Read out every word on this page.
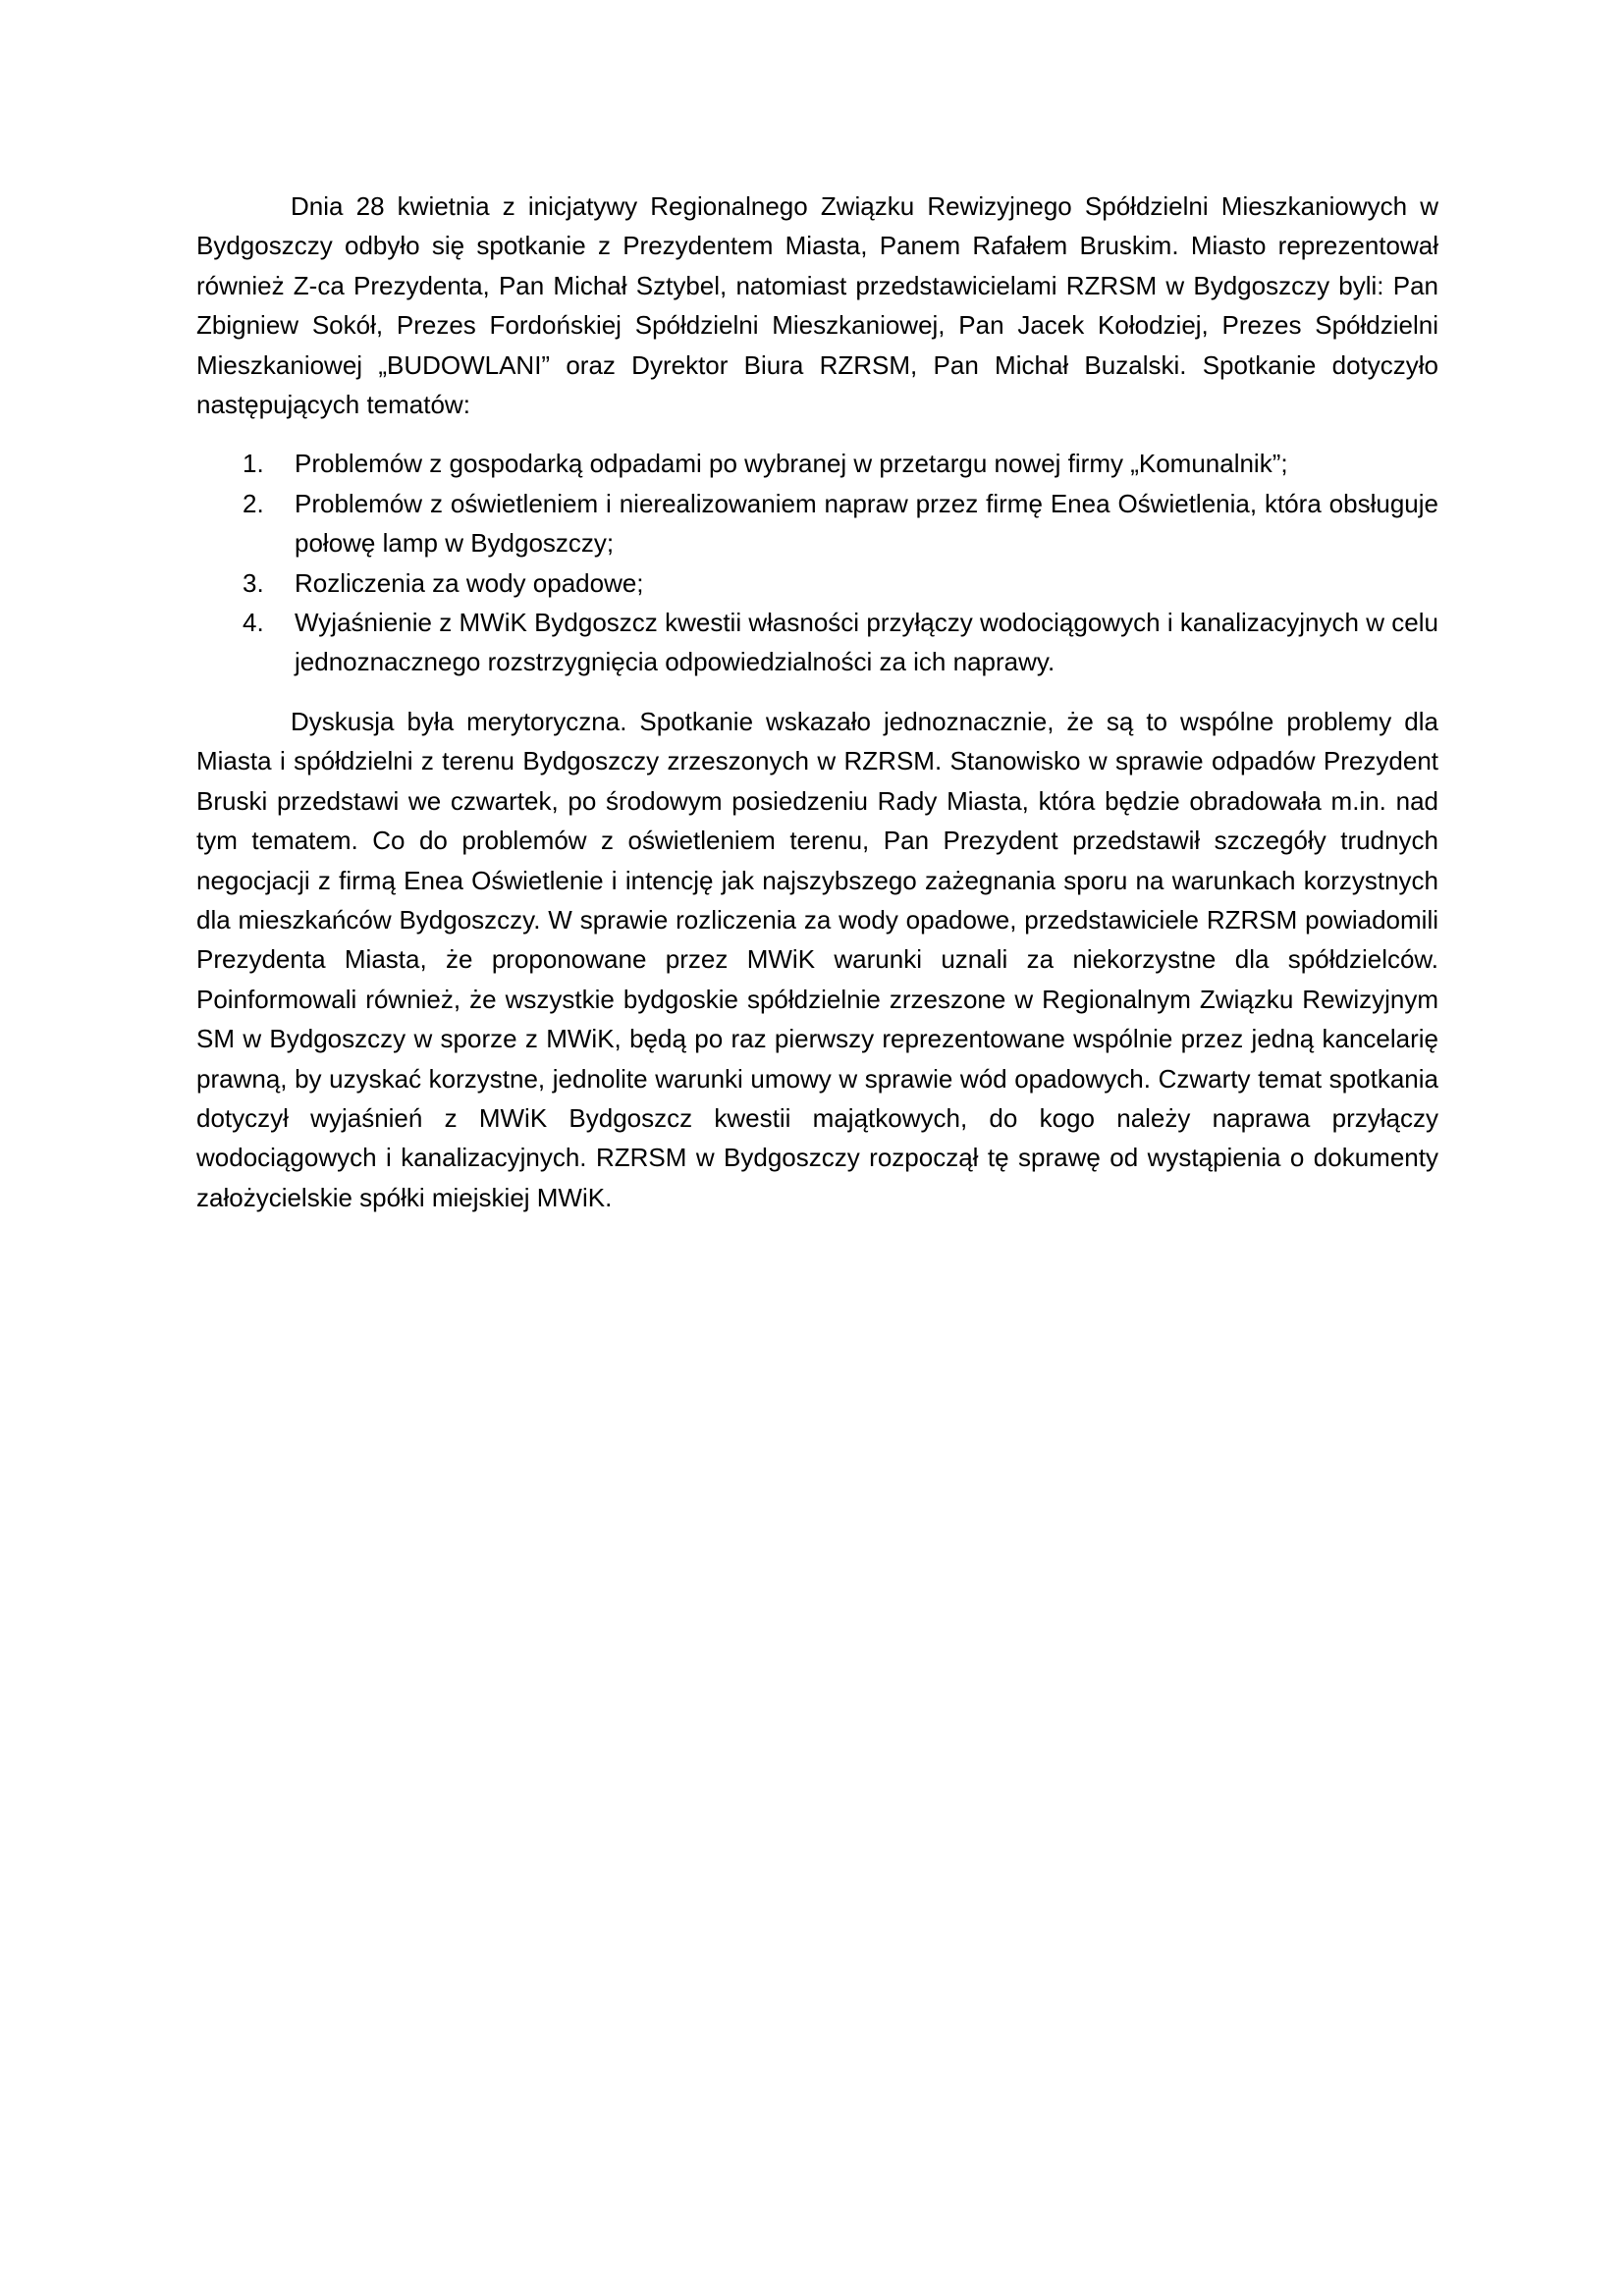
Dnia 28 kwietnia z inicjatywy Regionalnego Związku Rewizyjnego Spółdzielni Mieszkaniowych w Bydgoszczy odbyło się spotkanie z Prezydentem Miasta, Panem Rafałem Bruskim. Miasto reprezentował również Z-ca Prezydenta, Pan Michał Sztybel, natomiast przedstawicielami RZRSM w Bydgoszczy byli: Pan Zbigniew Sokół, Prezes Fordońskiej Spółdzielni Mieszkaniowej, Pan Jacek Kołodziej, Prezes Spółdzielni Mieszkaniowej „BUDOWLANI” oraz Dyrektor Biura RZRSM, Pan Michał Buzalski. Spotkanie dotyczyło następujących tematów:

1. Problemów z gospodarką odpadami po wybranej w przetargu nowej firmy „Komunalnik”;
2. Problemów z oświetleniem i nierealizowaniem napraw przez firmę Enea Oświetlenia, która obsługuje połowę lamp w Bydgoszczy;
3. Rozliczenia za wody opadowe;
4. Wyjaśnienie z MWiK Bydgoszcz kwestii własności przyłączy wodociągowych i kanalizacyjnych w celu jednoznacznego rozstrzygnięcia odpowiedzialności za ich naprawy.

Dyskusja była merytoryczna. Spotkanie wskazało jednoznacznie, że są to wspólne problemy dla Miasta i spółdzielni z terenu Bydgoszczy zrzeszonych w RZRSM. Stanowisko w sprawie odpadów Prezydent Bruski przedstawi we czwartek, po środowym posiedzeniu Rady Miasta, która będzie obradowała m.in. nad tym tematem. Co do problemów z oświetleniem terenu, Pan Prezydent przedstawił szczegóły trudnych negocjacji z firmą Enea Oświetlenie i intencję jak najszybszego zażegnania sporu na warunkach korzystnych dla mieszkańców Bydgoszczy. W sprawie rozliczenia za wody opadowe, przedstawiciele RZRSM powiadomili Prezydenta Miasta, że proponowane przez MWiK warunki uznali za niekorzystne dla spółdzielców. Poinformowali również, że wszystkie bydgoskie spółdzielnie zrzeszone w Regionalnym Związku Rewizyjnym SM w Bydgoszczy w sporze z MWiK, będą po raz pierwszy reprezentowane wspólnie przez jedną kancelarię prawną, by uzyskać korzystne, jednolite warunki umowy w sprawie wód opadowych. Czwarty temat spotkania dotyczył wyjaśnień z MWiK Bydgoszcz kwestii majątkowych, do kogo należy naprawa przyłączy wodociągowych i kanalizacyjnych. RZRSM w Bydgoszczy rozpoczął tę sprawę od wystąpienia o dokumenty założycielskie spółki miejskiej MWiK.
